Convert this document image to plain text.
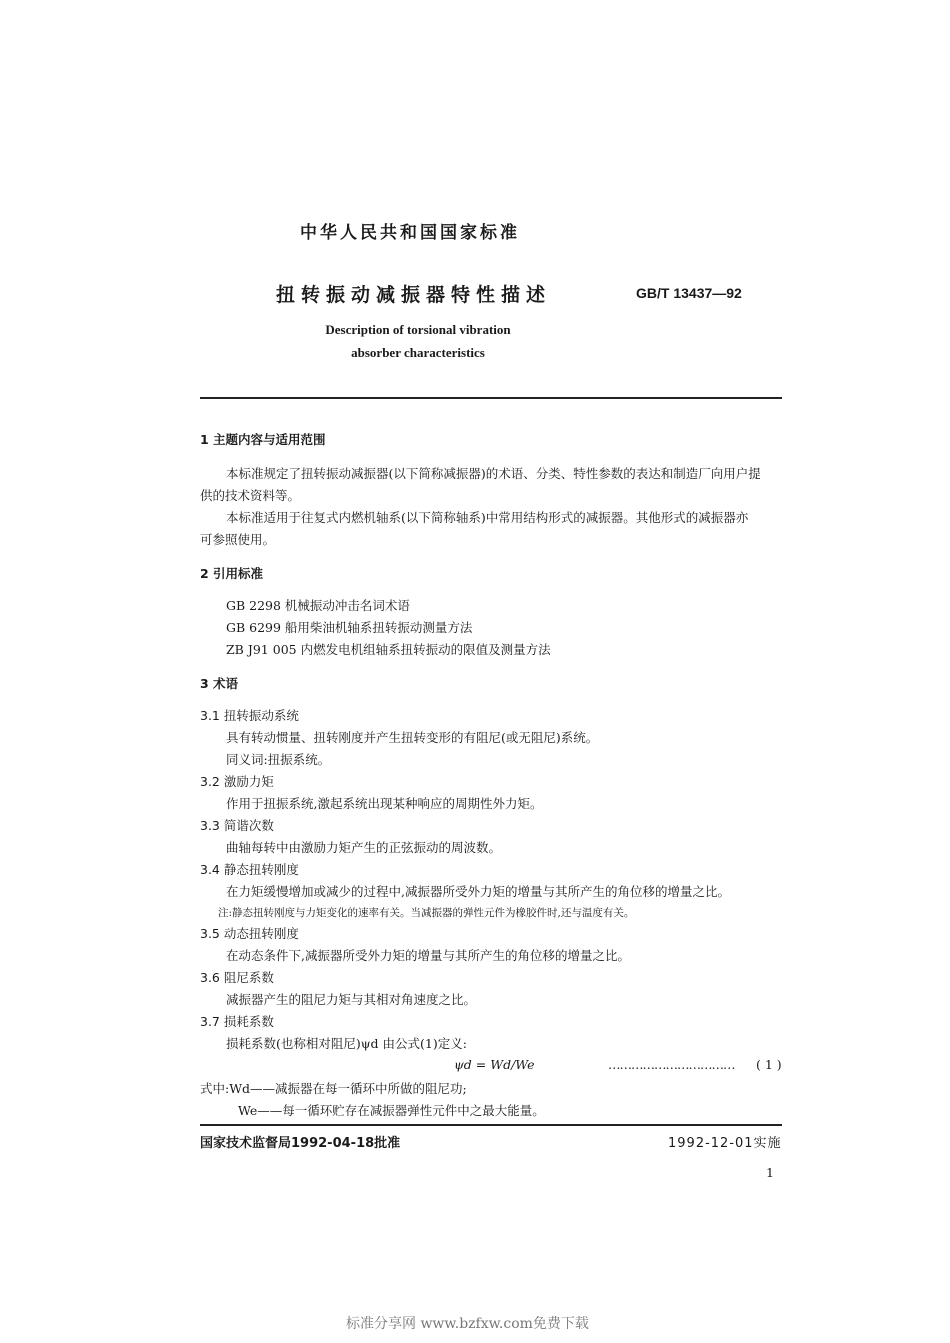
中华人民共和国国家标准
扭转振动减振器特性描述	GB/T 13437—92
Description of torsional vibration
absorber characteristics
1 主题内容与适用范围
本标准规定了扭转振动减振器(以下简称减振器)的术语、分类、特性参数的表达和制造厂向用户提
供的技术资料等。
本标准适用于往复式内燃机轴系(以下简称轴系)中常用结构形式的减振器。其他形式的减振器亦
可参照使用。
2 引用标准
GB 2298 机械振动冲击名词术语
GB 6299 船用柴油机轴系扭转振动测量方法
ZB J91 005 内燃发电机组轴系扭转振动的限值及测量方法
3 术语
3.1 扭转振动系统
具有转动惯量、扭转刚度并产生扭转变形的有阻尼(或无阻尼)系统。
同义词:扭振系统。
3.2 激励力矩
作用于扭振系统,激起系统出现某种响应的周期性外力矩。
3.3 简谐次数
曲轴每转中由激励力矩产生的正弦振动的周波数。
3.4 静态扭转刚度
在力矩缓慢增加或减少的过程中,减振器所受外力矩的增量与其所产生的角位移的增量之比。
注:静态扭转刚度与力矩变化的速率有关。当减振器的弹性元件为橡胶件时,还与温度有关。
3.5 动态扭转刚度
在动态条件下,减振器所受外力矩的增量与其所产生的角位移的增量之比。
3.6 阻尼系数
减振器产生的阻尼力矩与其相对角速度之比。
3.7 损耗系数
损耗系数(也称相对阻尼)ψd 由公式(1)定义:
ψd = Wd/We	…………………………… ( 1 )
式中:Wd——减振器在每一循环中所做的阻尼功;
We——每一循环贮存在减振器弹性元件中之最大能量。
国家技术监督局1992-04-18批准	1992-12-01实施
1
标准分享网 www.bzfxw.com免费下载
